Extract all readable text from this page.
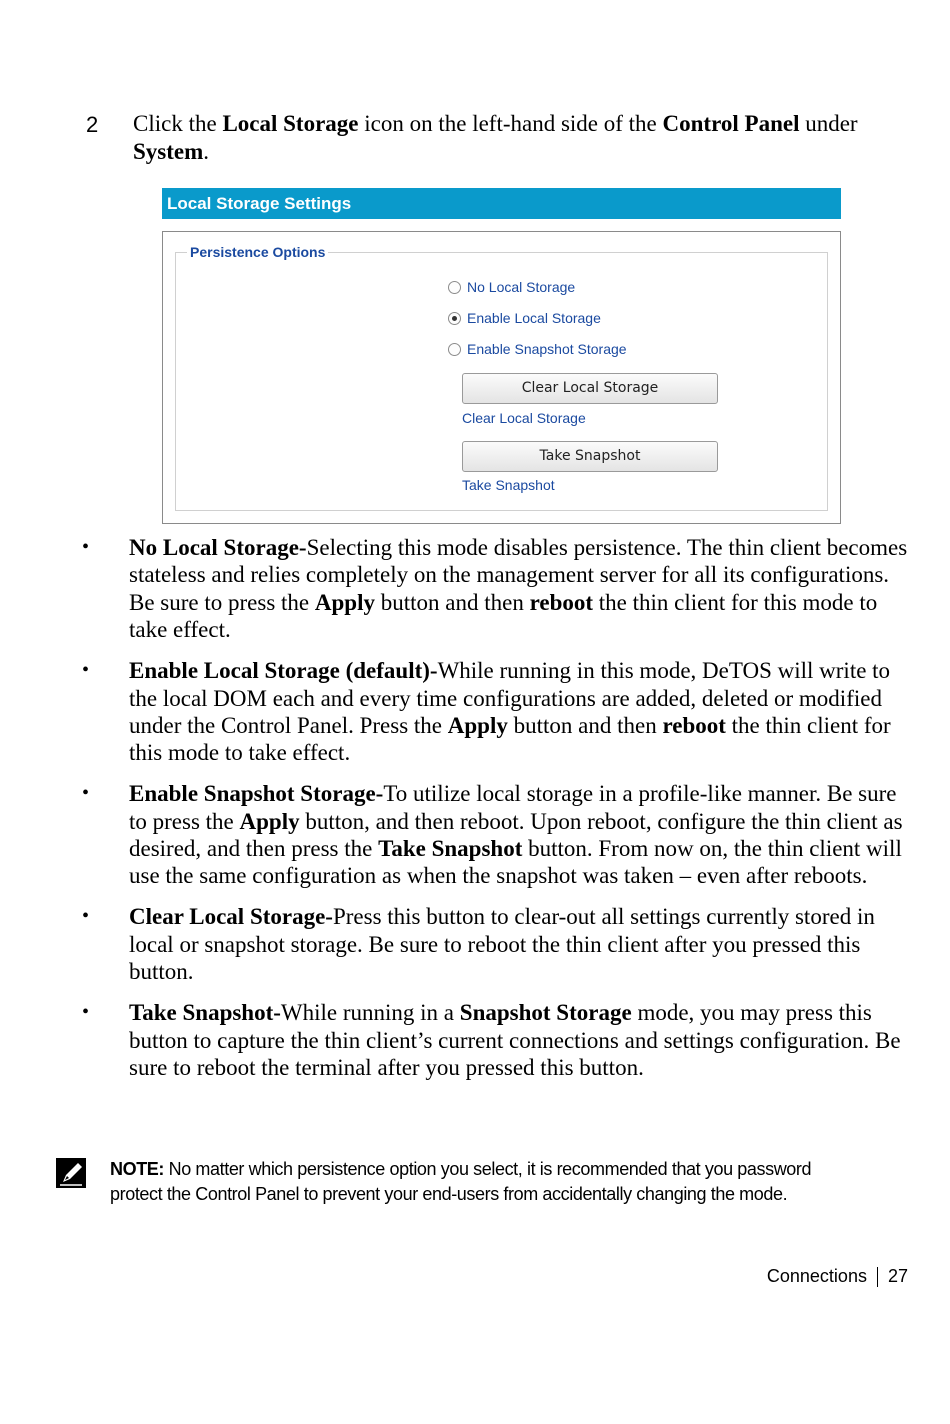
2 Click the Local Storage icon on the left-hand side of the Control Panel under System.
Local Storage Settings
Persistence Options
No Local Storage
Enable Local Storage
Enable Snapshot Storage
Clear Local Storage
Clear Local Storage
Take Snapshot
Take Snapshot
• No Local Storage-Selecting this mode disables persistence. The thin client becomes stateless and relies completely on the management server for all its configurations. Be sure to press the Apply button and then reboot the thin client for this mode to take effect.
• Enable Local Storage (default)-While running in this mode, DeTOS will write to the local DOM each and every time configurations are added, deleted or modified under the Control Panel. Press the Apply button and then reboot the thin client for this mode to take effect.
• Enable Snapshot Storage-To utilize local storage in a profile-like manner. Be sure to press the Apply button, and then reboot. Upon reboot, configure the thin client as desired, and then press the Take Snapshot button. From now on, the thin client will use the same configuration as when the snapshot was taken – even after reboots.
• Clear Local Storage-Press this button to clear-out all settings currently stored in local or snapshot storage. Be sure to reboot the thin client after you pressed this button.
• Take Snapshot-While running in a Snapshot Storage mode, you may press this button to capture the thin client’s current connections and settings configuration. Be sure to reboot the terminal after you pressed this button.
NOTE: No matter which persistence option you select, it is recommended that you password protect the Control Panel to prevent your end-users from accidentally changing the mode.
Connections 27
